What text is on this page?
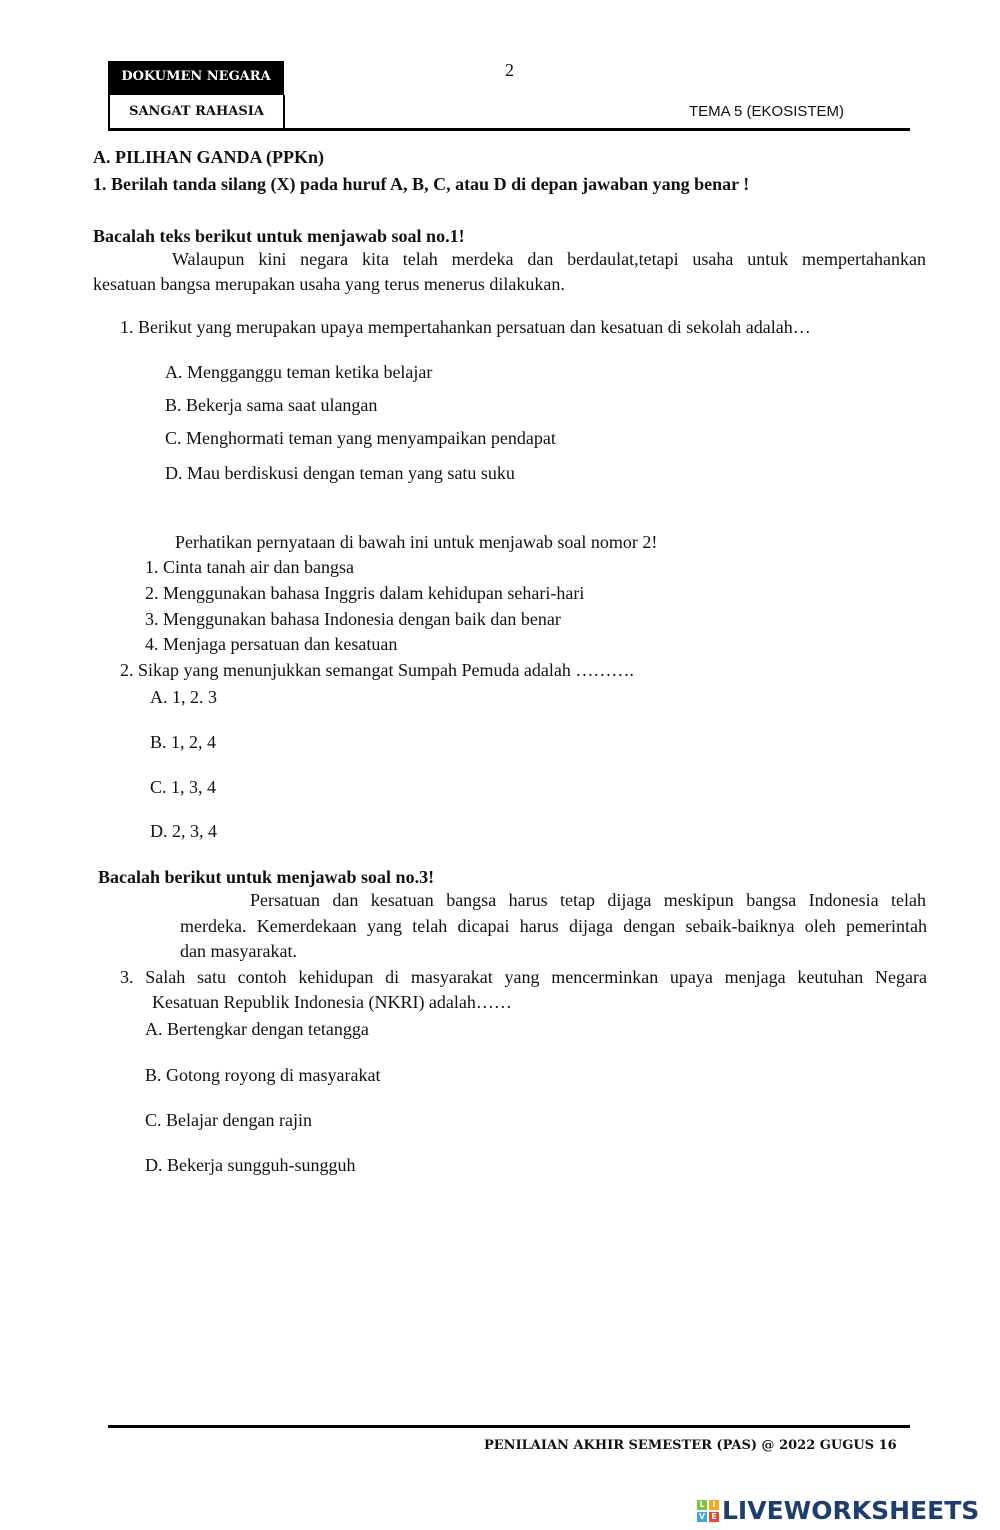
DOKUMEN NEGARA
SANGAT RAHASIA
2
TEMA 5 (EKOSISTEM)
A. PILIHAN GANDA (PPKn)
1. Berilah tanda silang (X) pada huruf A, B, C, atau D di depan jawaban yang benar !
Bacalah teks berikut untuk menjawab soal no.1!
Walaupun kini negara kita telah merdeka dan berdaulat,tetapi usaha untuk mempertahankan
kesatuan bangsa merupakan usaha yang terus menerus dilakukan.
1. Berikut yang merupakan upaya mempertahankan persatuan dan kesatuan di sekolah adalah…
A. Mengganggu teman ketika belajar
B. Bekerja sama saat ulangan
C. Menghormati teman yang menyampaikan pendapat
D. Mau berdiskusi dengan teman yang satu suku
Perhatikan pernyataan di bawah ini untuk menjawab soal nomor 2!
1. Cinta tanah air dan bangsa
2. Menggunakan bahasa Inggris dalam kehidupan sehari-hari
3. Menggunakan bahasa Indonesia dengan baik dan benar
4. Menjaga persatuan dan kesatuan
2. Sikap yang menunjukkan semangat Sumpah Pemuda adalah ……….
A. 1, 2. 3
B. 1, 2, 4
C. 1, 3, 4
D. 2, 3, 4
Bacalah berikut untuk menjawab soal no.3!
Persatuan dan kesatuan bangsa harus tetap dijaga meskipun bangsa Indonesia telah
merdeka. Kemerdekaan yang telah dicapai harus dijaga dengan sebaik-baiknya oleh pemerintah
dan masyarakat.
3. Salah satu contoh kehidupan di masyarakat yang mencerminkan upaya menjaga keutuhan Negara
Kesatuan Republik Indonesia (NKRI) adalah……
A. Bertengkar dengan tetangga
B. Gotong royong di masyarakat
C. Belajar dengan rajin
D. Bekerja sungguh-sungguh
PENILAIAN AKHIR SEMESTER (PAS) @ 2022 GUGUS 16
L I
V E LIVEWORKSHEETS
